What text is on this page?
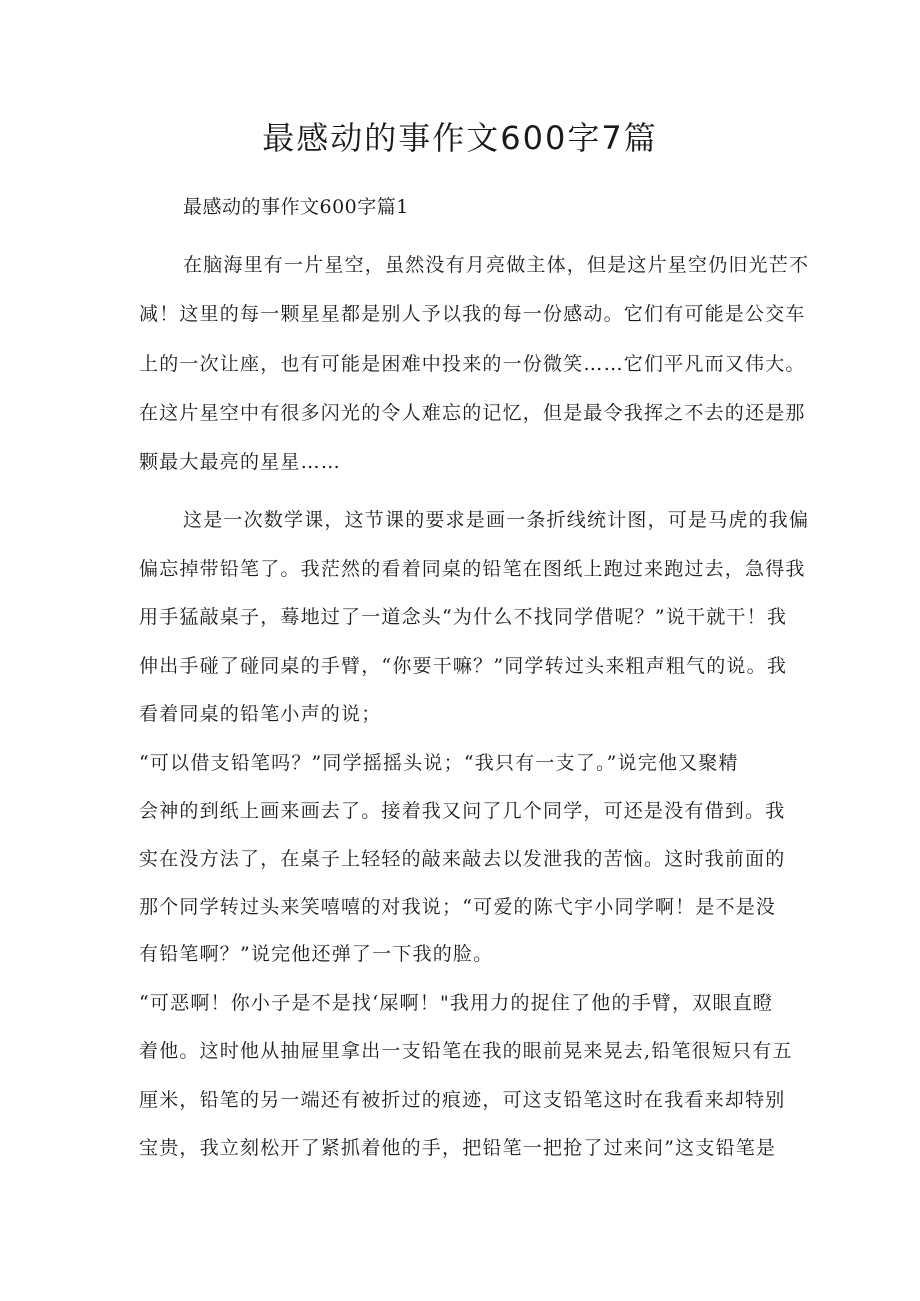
最感动的事作文600字7篇
最感动的事作文600字篇1
在脑海里有一片星空，虽然没有月亮做主体，但是这片星空仍旧光芒不
减！这里的每一颗星星都是别人予以我的每一份感动。它们有可能是公交车
上的一次让座，也有可能是困难中投来的一份微笑……它们平凡而又伟大。
在这片星空中有很多闪光的令人难忘的记忆，但是最令我挥之不去的还是那
颗最大最亮的星星……
这是一次数学课，这节课的要求是画一条折线统计图，可是马虎的我偏
偏忘掉带铅笔了。我茫然的看着同桌的铅笔在图纸上跑过来跑过去，急得我
用手猛敲桌子，蓦地过了一道念头“为什么不找同学借呢？”说干就干！我
伸出手碰了碰同桌的手臂，“你要干嘛？”同学转过头来粗声粗气的说。我
看着同桌的铅笔小声的说；
“可以借支铅笔吗？”同学摇摇头说；“我只有一支了。”说完他又聚精
会神的到纸上画来画去了。接着我又问了几个同学，可还是没有借到。我
实在没方法了，在桌子上轻轻的敲来敲去以发泄我的苦恼。这时我前面的
那个同学转过头来笑嘻嘻的对我说；“可爱的陈弋宇小同学啊！是不是没
有铅笔啊？”说完他还弹了一下我的脸。
“可恶啊！你小子是不是找‘屎啊！"我用力的捉住了他的手臂，双眼直瞪
着他。这时他从抽屉里拿出一支铅笔在我的眼前晃来晃去,铅笔很短只有五
厘米，铅笔的另一端还有被折过的痕迹，可这支铅笔这时在我看来却特别
宝贵，我立刻松开了紧抓着他的手，把铅笔一把抢了过来问”这支铅笔是
